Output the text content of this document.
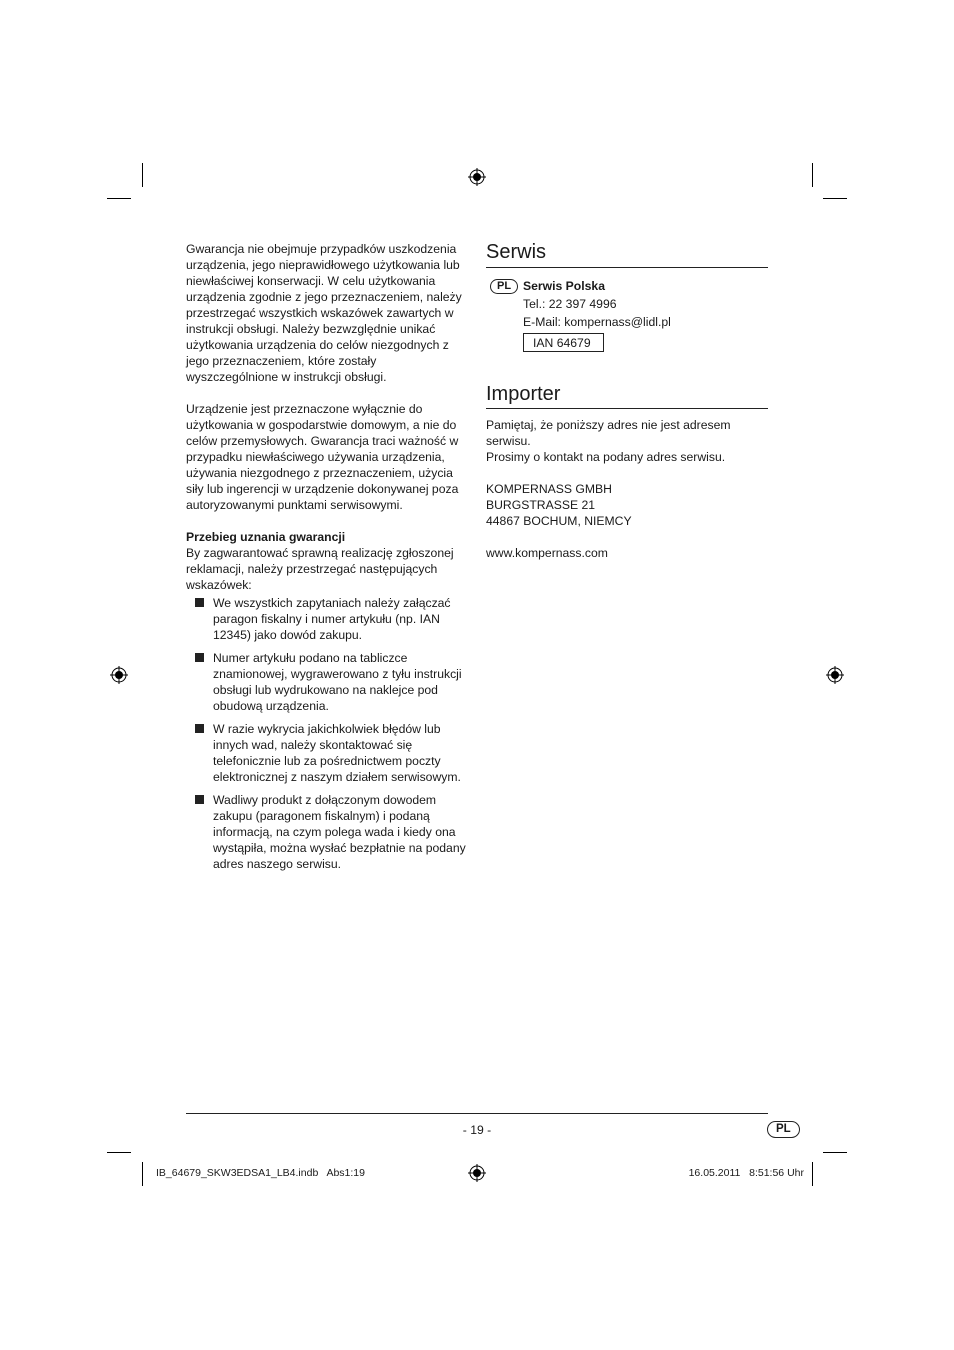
Gwarancja nie obejmuje przypadków uszkodzenia urządzenia, jego nieprawidłowego użytkowania lub niewłaściwej konserwacji. W celu użytkowania urządzenia zgodnie z jego przeznaczeniem, należy przestrzegać wszystkich wskazówek zawartych w instrukcji obsługi. Należy bezwzględnie unikać użytkowania urządzenia do celów niezgodnych z jego przeznaczeniem, które zostały wyszczególnione w instrukcji obsługi.

Urządzenie jest przeznaczone wyłącznie do użytkowania w gospodarstwie domowym, a nie do celów przemysłowych. Gwarancja traci ważność w przypadku niewłaściwego używania urządzenia, używania niezgodnego z przeznaczeniem, użycia siły lub ingerencji w urządzenie dokonywanej poza autoryzowanymi punktami serwisowymi.

Przebieg uznania gwarancji

By zagwarantować sprawną realizację zgłoszonej reklamacji, należy przestrzegać następujących wskazówek:

We wszystkich zapytaniach należy załączać paragon fiskalny i numer artykułu (np. IAN 12345) jako dowód zakupu.
Numer artykułu podano na tabliczce znamionowej, wygrawerowano z tyłu instrukcji obsługi lub wydrukowano na naklejce pod obudową urządzenia.
W razie wykrycia jakichkolwiek błędów lub innych wad, należy skontaktować się telefonicznie lub za pośrednictwem poczty elektronicznej z naszym działem serwisowym.
Wadliwy produkt z dołączonym dowodem zakupu (paragonem fiskalnym) i podaną informacją, na czym polega wada i kiedy ona wystąpiła, można wysłać bezpłatnie na podany adres naszego serwisu.
Serwis
PL Serwis Polska
Tel.: 22 397 4996
E-Mail: kompernass@lidl.pl
IAN 64679
Importer
Pamiętaj, że poniższy adres nie jest adresem serwisu.
Prosimy o kontakt na podany adres serwisu.
KOMPERNASS GMBH
BURGSTRASSE 21
44867 BOCHUM, NIEMCY
www.kompernass.com
- 19 -	PL
IB_64679_SKW3EDSA1_LB4.indb   Abs1:19	16.05.2011   8:51:56 Uhr
